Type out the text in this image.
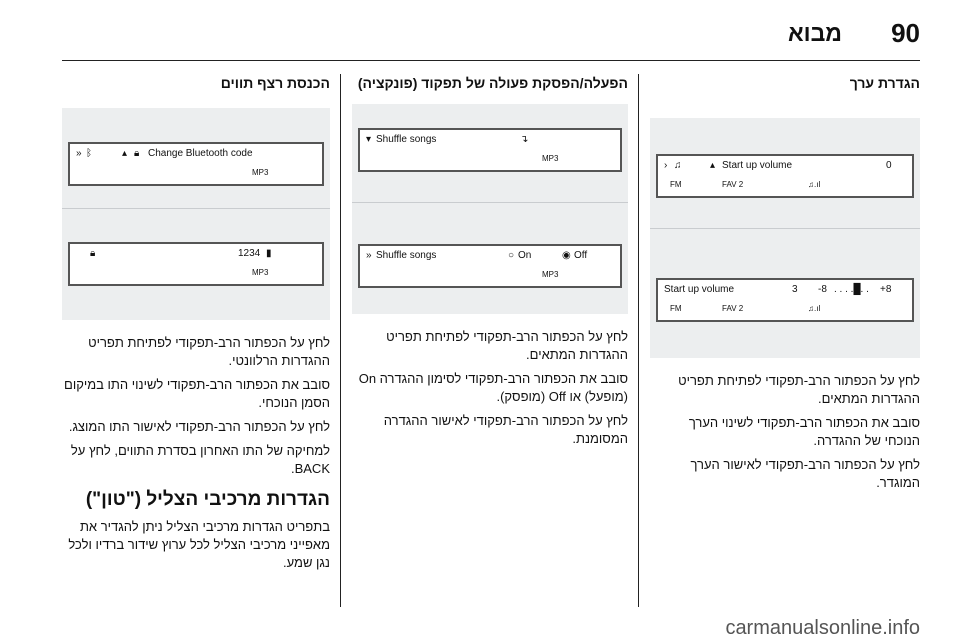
90
מבוא
הגדרת ערך
› ♫	▴ Start up volume	0
FM	FAV 2	♫.ıl
Start up volume	3 -8 . . . .█. . +8
FM	FAV 2	♫.ıl

לחץ על הכפתור הרב-תפקודי לפתיחת תפריט ההגדרות המתאים.

סובב את הכפתור הרב-תפקודי לשינוי הערך הנוכחי של ההגדרה.

לחץ על הכפתור הרב-תפקודי לאישור הערך המוגדר.

הפעלה/הפסקת פעולה של תפקוד (פונקציה)
▾ Shuffle songs	↴
MP3
» Shuffle songs	○ On	◉ Off
MP3

לחץ על הכפתור הרב-תפקודי לפתיחת תפריט ההגדרות המתאים.

סובב את הכפתור הרב-תפקודי לסימון ההגדרה On (מופעל) או Off (מופסק).

לחץ על הכפתור הרב-תפקודי לאישור ההגדרה המסומנת.

הכנסת רצף תווים
» ᛒ	▴ 🔒︎ Change Bluetooth code
MP3
🔒︎	1234 ▮
MP3

לחץ על הכפתור הרב-תפקודי לפתיחת תפריט ההגדרות הרלוונטי.

סובב את הכפתור הרב-תפקודי לשינוי התו במיקום הסמן הנוכחי.

לחץ על הכפתור הרב-תפקודי לאישור התו המוצג.

למחיקה של התו האחרון בסדרת התווים, לחץ על BACK.

הגדרות מרכיבי הצליל ("טון")

בתפריט הגדרות מרכיבי הצליל ניתן להגדיר את מאפייני מרכיבי הצליל לכל ערוץ שידור ברדיו ולכל נגן שמע.

carmanualsonline.info
